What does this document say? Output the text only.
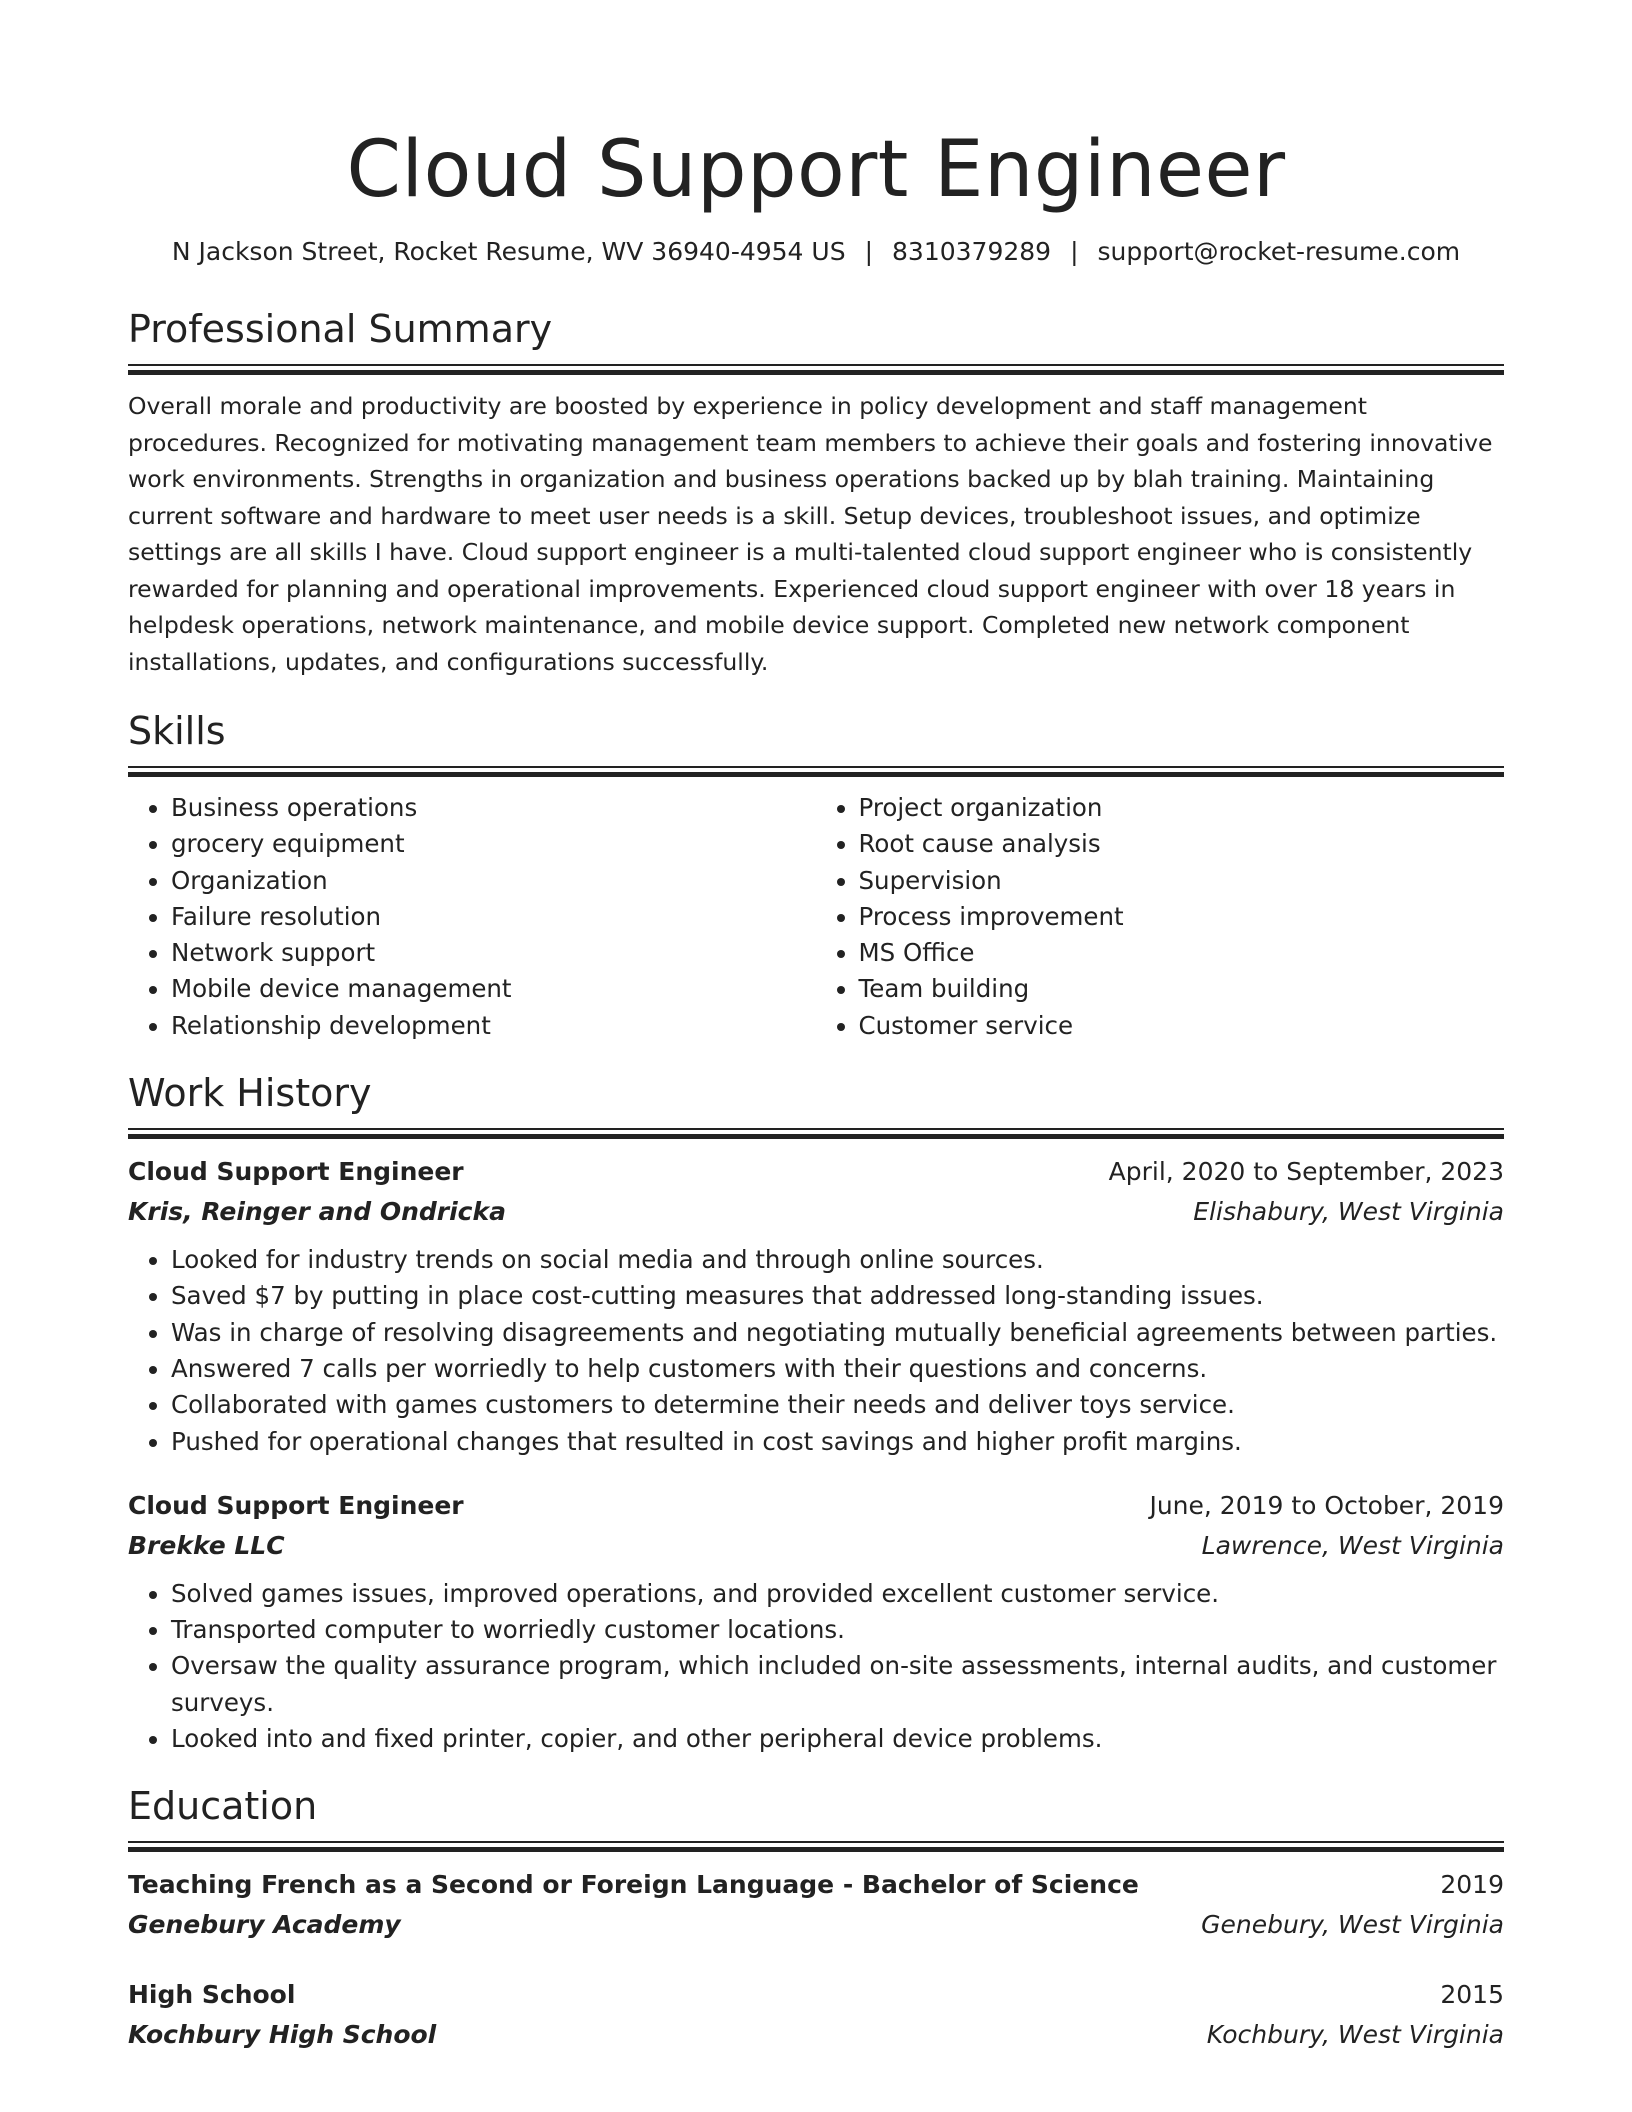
Cloud Support Engineer
N Jackson Street, Rocket Resume, WV 36940-4954 US | 8310379289 | support@rocket-resume.com
Professional Summary

Overall morale and productivity are boosted by experience in policy development and staff management procedures. Recognized for motivating management team members to achieve their goals and fostering innovative work environments. Strengths in organization and business operations backed up by blah training. Maintaining current software and hardware to meet user needs is a skill. Setup devices, troubleshoot issues, and optimize settings are all skills I have. Cloud support engineer is a multi-talented cloud support engineer who is consistently rewarded for planning and operational improvements. Experienced cloud support engineer with over 18 years in helpdesk operations, network maintenance, and mobile device support. Completed new network component installations, updates, and configurations successfully.

Skills
• Business operations
• grocery equipment
• Organization
• Failure resolution
• Network support
• Mobile device management
• Relationship development
• Project organization
• Root cause analysis
• Supervision
• Process improvement
• MS Office
• Team building
• Customer service
Work History
Cloud Support Engineer	April, 2020 to September, 2023
Kris, Reinger and Ondricka	Elishabury, West Virginia
• Looked for industry trends on social media and through online sources.
• Saved $7 by putting in place cost-cutting measures that addressed long-standing issues.
• Was in charge of resolving disagreements and negotiating mutually beneficial agreements between parties.
• Answered 7 calls per worriedly to help customers with their questions and concerns.
• Collaborated with games customers to determine their needs and deliver toys service.
• Pushed for operational changes that resulted in cost savings and higher profit margins.
Cloud Support Engineer	June, 2019 to October, 2019
Brekke LLC	Lawrence, West Virginia
• Solved games issues, improved operations, and provided excellent customer service.
• Transported computer to worriedly customer locations.
• Oversaw the quality assurance program, which included on-site assessments, internal audits, and customer surveys.
• Looked into and fixed printer, copier, and other peripheral device problems.
Education
Teaching French as a Second or Foreign Language - Bachelor of Science	2019
Genebury Academy	Genebury, West Virginia
High School	2015
Kochbury High School	Kochbury, West Virginia
